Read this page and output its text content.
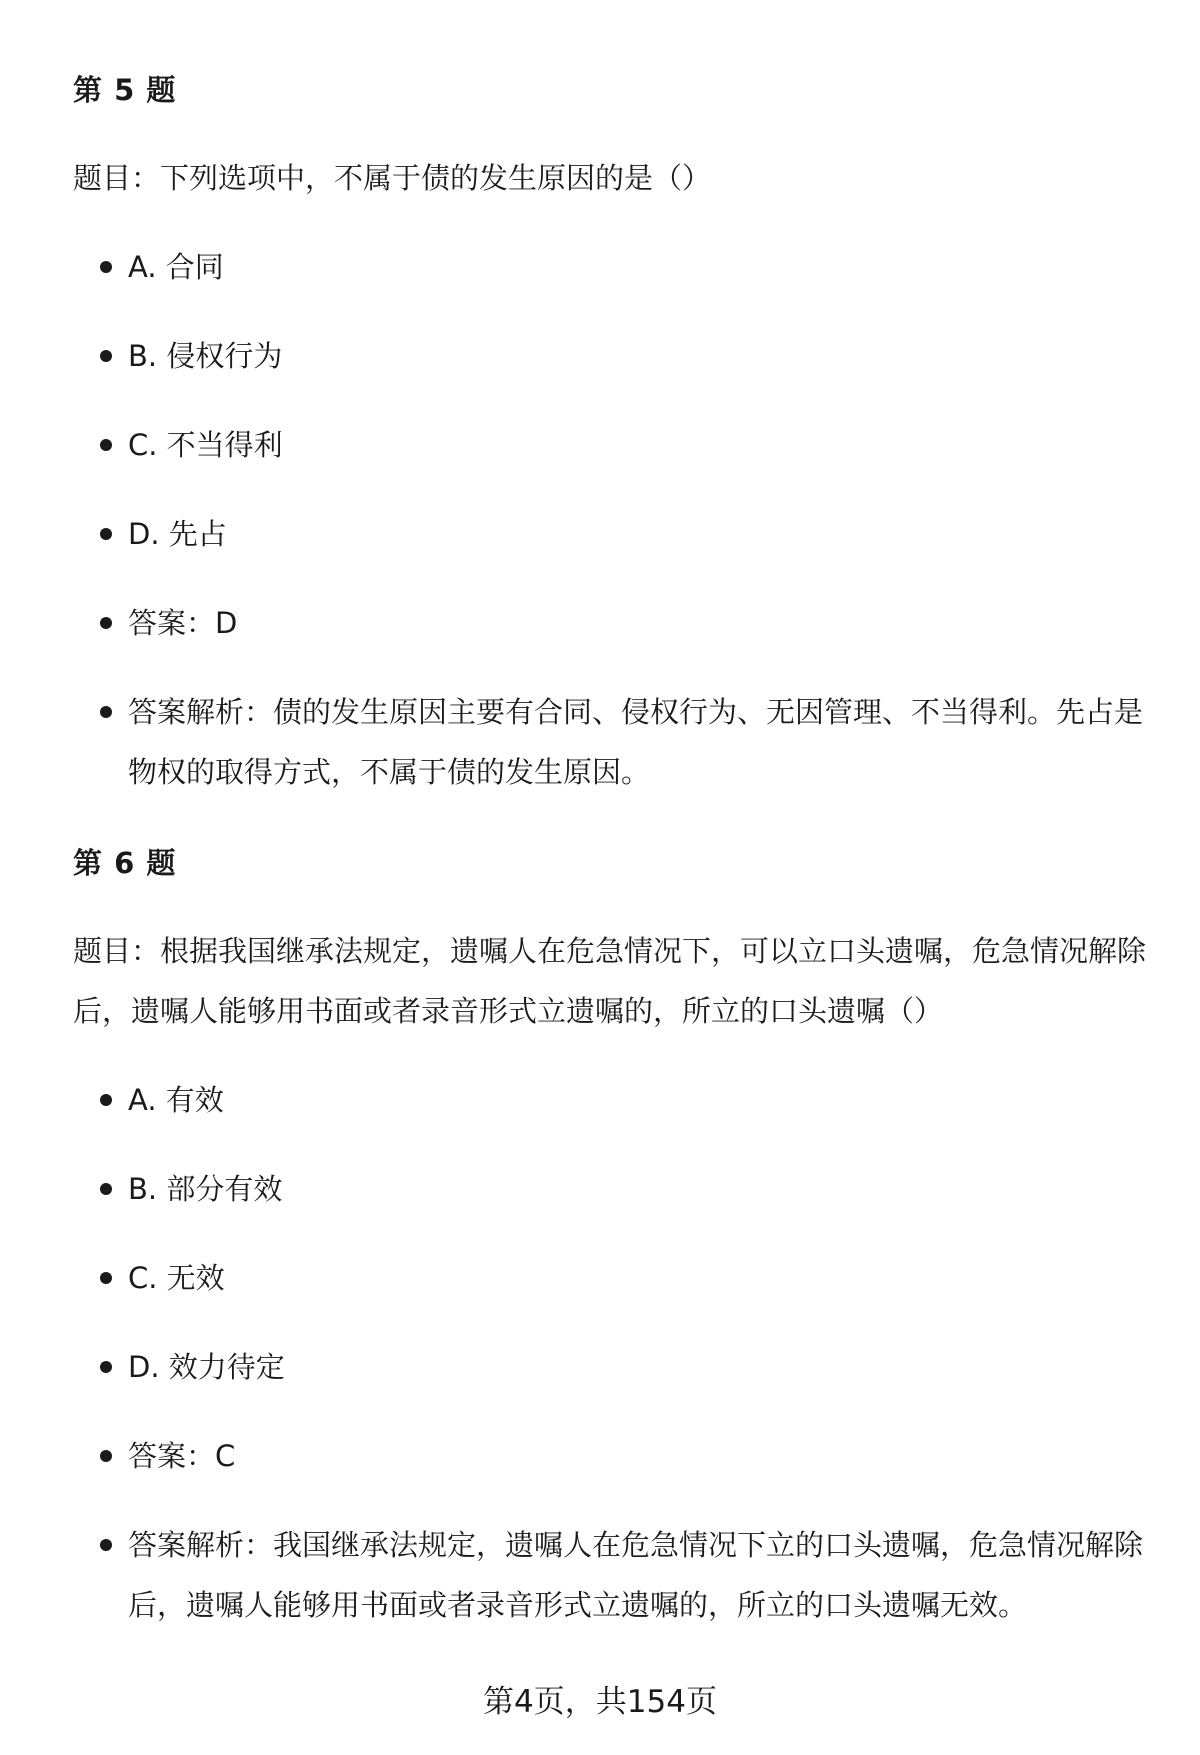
第 5 题

题目：下列选项中，不属于债的发生原因的是（）

A. 合同
B. 侵权行为
C. 不当得利
D. 先占
答案：D
答案解析：债的发生原因主要有合同、侵权行为、无因管理、不当得利。先占是物权的取得方式，不属于债的发生原因。
第 6 题

题目：根据我国继承法规定，遗嘱人在危急情况下，可以立口头遗嘱，危急情况解除后，遗嘱人能够用书面或者录音形式立遗嘱的，所立的口头遗嘱（）

A. 有效
B. 部分有效
C. 无效
D. 效力待定
答案：C
答案解析：我国继承法规定，遗嘱人在危急情况下立的口头遗嘱，危急情况解除后，遗嘱人能够用书面或者录音形式立遗嘱的，所立的口头遗嘱无效。
第4页，共154页
